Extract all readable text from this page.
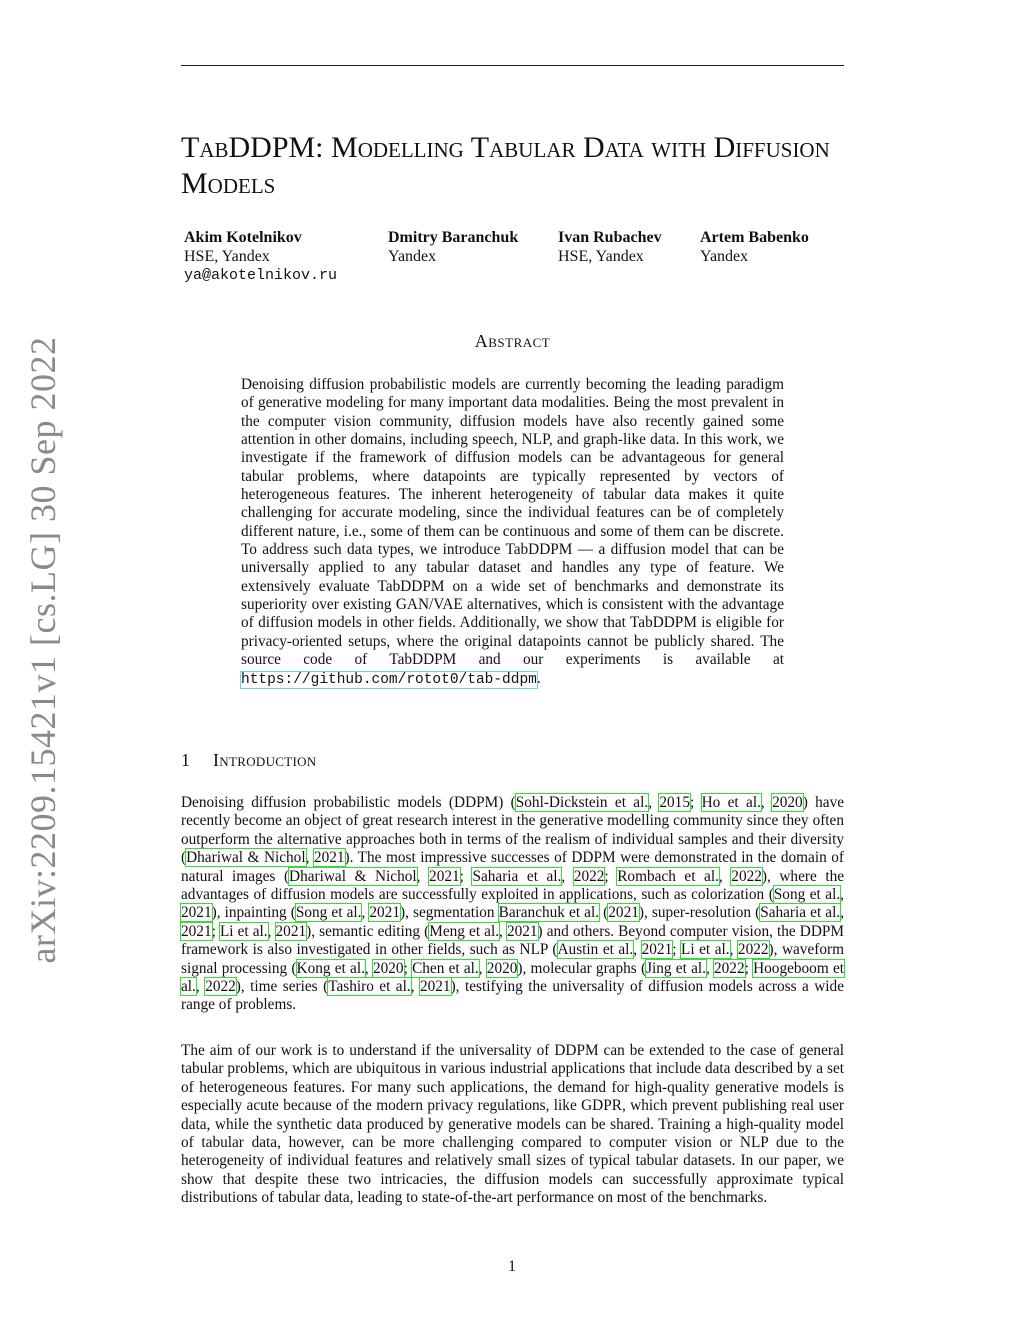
arXiv:2209.15421v1 [cs.LG] 30 Sep 2022
TabDDPM: Modelling Tabular Data with Diffusion Models
Akim Kotelnikov
HSE, Yandex
ya@akotelnikov.ru
Dmitry Baranchuk
Yandex
Ivan Rubachev
HSE, Yandex
Artem Babenko
Yandex
Abstract

Denoising diffusion probabilistic models are currently becoming the leading paradigm of generative modeling for many important data modalities. Being the most prevalent in the computer vision community, diffusion models have also recently gained some attention in other domains, including speech, NLP, and graph-like data. In this work, we investigate if the framework of diffusion models can be advantageous for general tabular problems, where datapoints are typically represented by vectors of heterogeneous features. The inherent heterogeneity of tabular data makes it quite challenging for accurate modeling, since the individual features can be of completely different nature, i.e., some of them can be continuous and some of them can be discrete. To address such data types, we introduce TabDDPM — a diffusion model that can be universally applied to any tabular dataset and handles any type of feature. We extensively evaluate TabDDPM on a wide set of benchmarks and demonstrate its superiority over existing GAN/VAE alternatives, which is consistent with the advantage of diffusion models in other fields. Additionally, we show that TabDDPM is eligible for privacy-oriented setups, where the original datapoints cannot be publicly shared. The source code of TabDDPM and our experiments is available at https://github.com/rotot0/tab-ddpm.

1 Introduction

Denoising diffusion probabilistic models (DDPM) (Sohl-Dickstein et al., 2015; Ho et al., 2020) have recently become an object of great research interest in the generative modelling community since they often outperform the alternative approaches both in terms of the realism of individual samples and their diversity (Dhariwal & Nichol, 2021). The most impressive successes of DDPM were demonstrated in the domain of natural images (Dhariwal & Nichol, 2021; Saharia et al., 2022; Rombach et al., 2022), where the advantages of diffusion models are successfully exploited in applications, such as colorization (Song et al., 2021), inpainting (Song et al., 2021), segmentation Baranchuk et al. (2021), super-resolution (Saharia et al., 2021; Li et al., 2021), semantic editing (Meng et al., 2021) and others. Beyond computer vision, the DDPM framework is also investigated in other fields, such as NLP (Austin et al., 2021; Li et al., 2022), waveform signal processing (Kong et al., 2020; Chen et al., 2020), molecular graphs (Jing et al., 2022; Hoogeboom et al., 2022), time series (Tashiro et al., 2021), testifying the universality of diffusion models across a wide range of problems.

The aim of our work is to understand if the universality of DDPM can be extended to the case of general tabular problems, which are ubiquitous in various industrial applications that include data described by a set of heterogeneous features. For many such applications, the demand for high-quality generative models is especially acute because of the modern privacy regulations, like GDPR, which prevent publishing real user data, while the synthetic data produced by generative models can be shared. Training a high-quality model of tabular data, however, can be more challenging compared to computer vision or NLP due to the heterogeneity of individual features and relatively small sizes of typical tabular datasets. In our paper, we show that despite these two intricacies, the diffusion models can successfully approximate typical distributions of tabular data, leading to state-of-the-art performance on most of the benchmarks.

1
